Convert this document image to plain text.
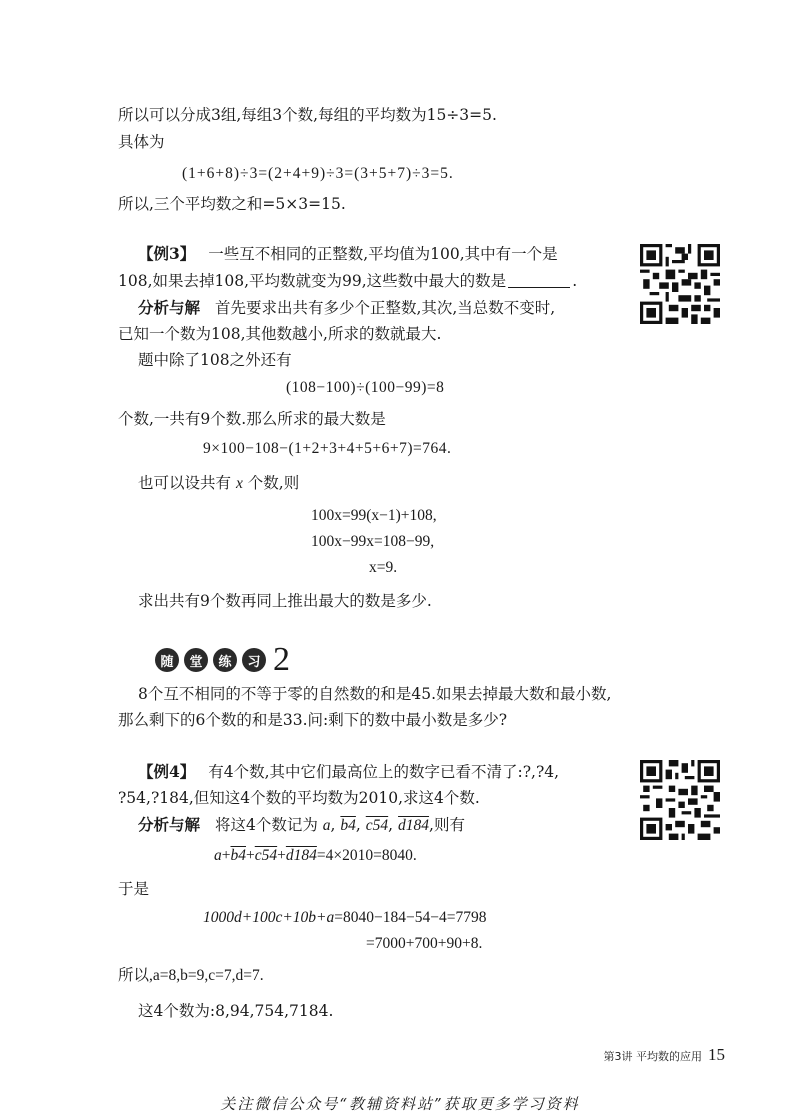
所以可以分成3组,每组3个数,每组的平均数为15÷3=5.
具体为
(1+6+8)÷3=(2+4+9)÷3=(3+5+7)÷3=5.
所以,三个平均数之和=5×3=15.
【例3】 一些互不相同的正整数,平均值为100,其中有一个是
108,如果去掉108,平均数就变为99,这些数中最大的数是	.
分析与解 首先要求出共有多少个正整数,其次,当总数不变时,
已知一个数为108,其他数越小,所求的数就最大.
题中除了108之外还有
(108−100)÷(100−99)=8
个数,一共有9个数.那么所求的最大数是
9×100−108−(1+2+3+4+5+6+7)=764.
也可以设共有 x 个数,则
100x=99(x−1)+108,
100x−99x=108−99,
x=9.
求出共有9个数再同上推出最大的数是多少.
随	堂	练	习 2
8个互不相同的不等于零的自然数的和是45.如果去掉最大数和最小数,
那么剩下的6个数的和是33.问:剩下的数中最小数是多少?
【例4】 有4个数,其中它们最高位上的数字已看不清了:?,?4,
?54,?184,但知这4个数的平均数为2010,求这4个数.
分析与解 将这4个数记为 a, b4, c54, d184,则有
a+b4+c54+d184=4×2010=8040.
于是
1000d+100c+10b+a=8040−184−54−4=7798
=7000+700+90+8.
所以,a=8,b=9,c=7,d=7.
这4个数为:8,94,754,7184.
第3讲 平均数的应用 15
关注微信公众号“教辅资料站”获取更多学习资料
